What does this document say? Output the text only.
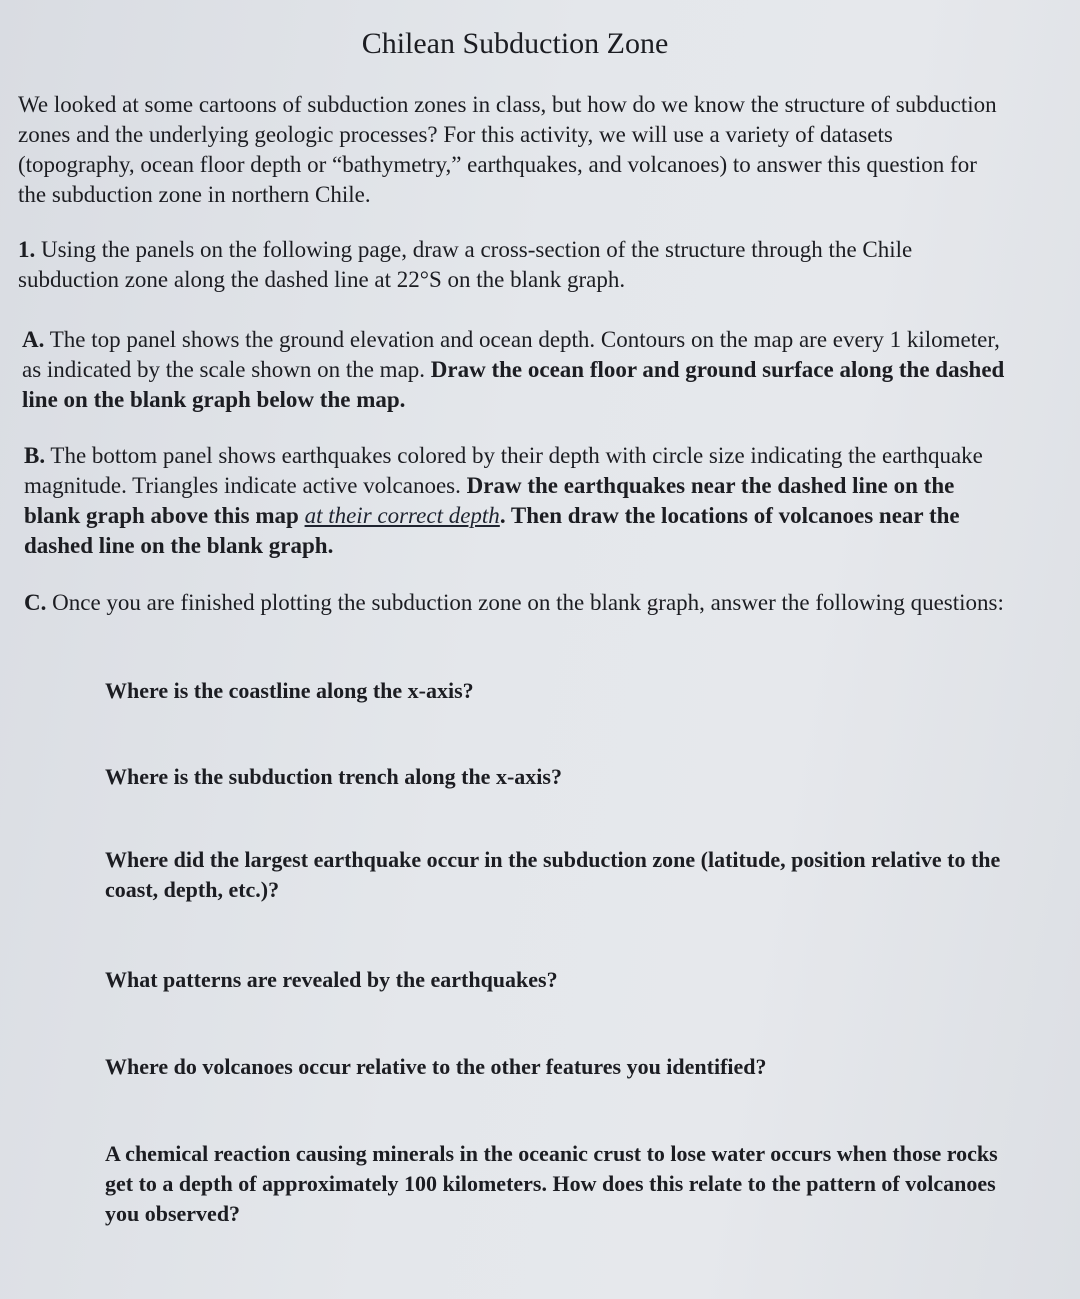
Chilean Subduction Zone

We looked at some cartoons of subduction zones in class, but how do we know the structure of subduction zones and the underlying geologic processes? For this activity, we will use a variety of datasets (topography, ocean floor depth or “bathymetry,” earthquakes, and volcanoes) to answer this question for the subduction zone in northern Chile.

1. Using the panels on the following page, draw a cross-section of the structure through the Chile subduction zone along the dashed line at 22°S on the blank graph.

A. The top panel shows the ground elevation and ocean depth. Contours on the map are every 1 kilometer, as indicated by the scale shown on the map. Draw the ocean floor and ground surface along the dashed line on the blank graph below the map.

B. The bottom panel shows earthquakes colored by their depth with circle size indicating the earthquake magnitude. Triangles indicate active volcanoes. Draw the earthquakes near the dashed line on the blank graph above this map at their correct depth. Then draw the locations of volcanoes near the dashed line on the blank graph.

C. Once you are finished plotting the subduction zone on the blank graph, answer the following questions:

Where is the coastline along the x-axis?

Where is the subduction trench along the x-axis?

Where did the largest earthquake occur in the subduction zone (latitude, position relative to the coast, depth, etc.)?

What patterns are revealed by the earthquakes?

Where do volcanoes occur relative to the other features you identified?

A chemical reaction causing minerals in the oceanic crust to lose water occurs when those rocks get to a depth of approximately 100 kilometers. How does this relate to the pattern of volcanoes you observed?
